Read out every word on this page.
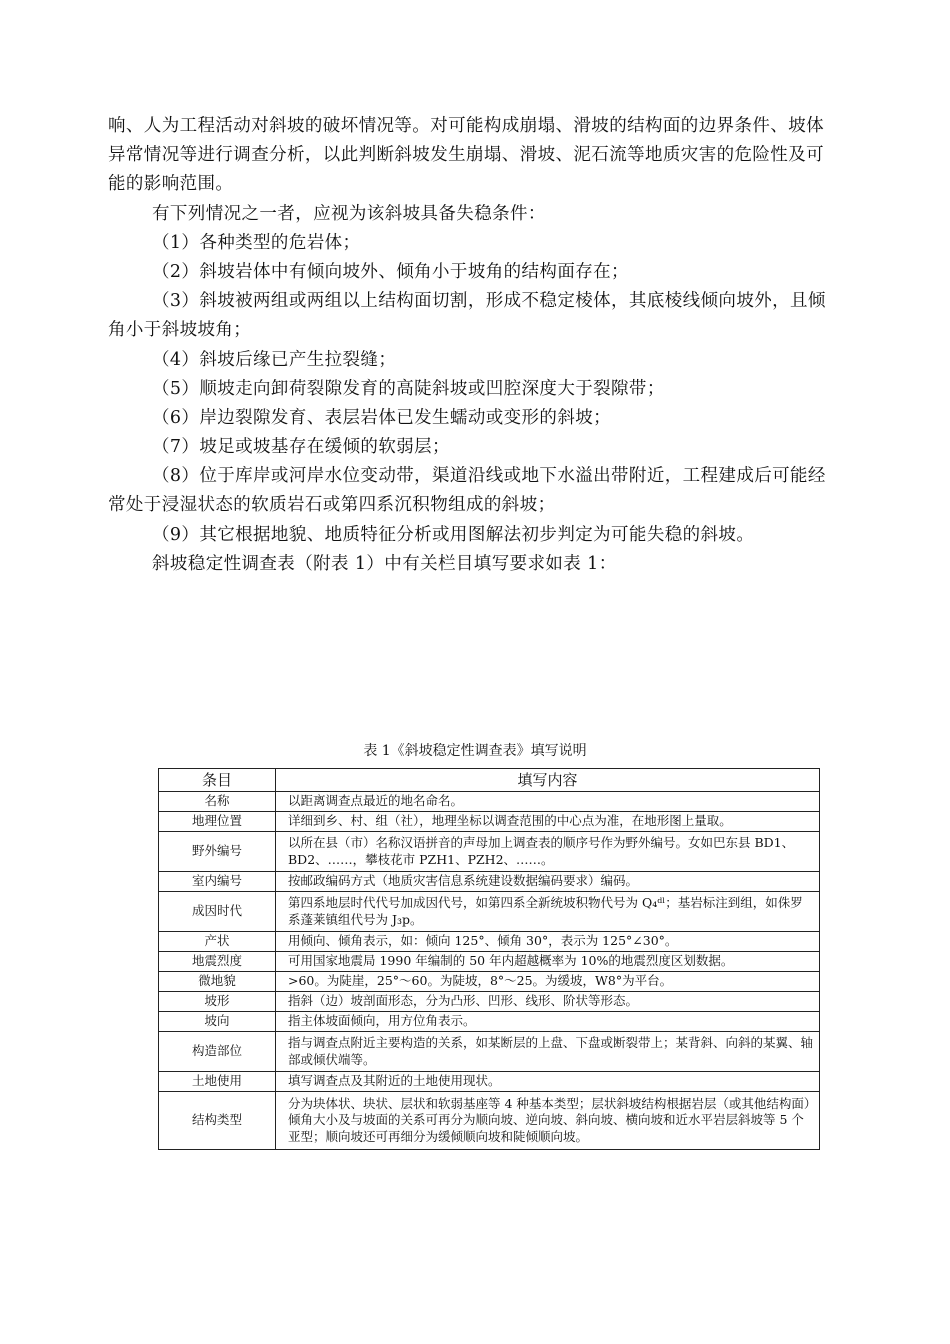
响、人为工程活动对斜坡的破坏情况等。对可能构成崩塌、滑坡的结构面的边界条件、坡体
异常情况等进行调查分析，以此判断斜坡发生崩塌、滑坡、泥石流等地质灾害的危险性及可
能的影响范围。
有下列情况之一者，应视为该斜坡具备失稳条件：
（1）各种类型的危岩体；
（2）斜坡岩体中有倾向坡外、倾角小于坡角的结构面存在；
（3）斜坡被两组或两组以上结构面切割，形成不稳定棱体，其底棱线倾向坡外，且倾
角小于斜坡坡角；
（4）斜坡后缘已产生拉裂缝；
（5）顺坡走向卸荷裂隙发育的高陡斜坡或凹腔深度大于裂隙带；
（6）岸边裂隙发育、表层岩体已发生蠕动或变形的斜坡；
（7）坡足或坡基存在缓倾的软弱层；
（8）位于库岸或河岸水位变动带，渠道沿线或地下水溢出带附近，工程建成后可能经
常处于浸湿状态的软质岩石或第四系沉积物组成的斜坡；
（9）其它根据地貌、地质特征分析或用图解法初步判定为可能失稳的斜坡。
斜坡稳定性调查表（附表 1）中有关栏目填写要求如表 1：
表 1《斜坡稳定性调查表》填写说明
条目	填写内容
名称	以距离调查点最近的地名命名。
地理位置	详细到乡、村、组（社），地理坐标以调查范围的中心点为准，在地形图上量取。
野外编号	以所在县（市）名称汉语拼音的声母加上调查表的顺序号作为野外编号。女如巴东县 BD1、BD2、……，攀枝花市 PZH1、PZH2、……。
室内编号	按邮政编码方式（地质灾害信息系统建设数据编码要求）编码。
成因时代	第四系地层时代代号加成因代号，如第四系全新统坡积物代号为 Q₄ᵈˡ；基岩标注到组，如侏罗系蓬莱镇组代号为 J₃p。
产状	用倾向、倾角表示，如：倾向 125°、倾角 30°，表示为 125°∠30°。
地震烈度	可用国家地震局 1990 年编制的 50 年内超越概率为 10%的地震烈度区划数据。
微地貌	>60。为陡崖，25°～60。为陡坡，8°～25。为缓坡，W8°为平台。
坡形	指斜（边）坡剖面形态，分为凸形、凹形、线形、阶状等形态。
坡向	指主体坡面倾向，用方位角表示。
构造部位	指与调查点附近主要构造的关系，如某断层的上盘、下盘或断裂带上；某背斜、向斜的某翼、轴部或倾伏端等。
土地使用	填写调查点及其附近的土地使用现状。
结构类型	分为块体状、块状、层状和软弱基座等 4 种基本类型；层状斜坡结构根据岩层（或其他结构面）倾角大小及与坡面的关系可再分为顺向坡、逆向坡、斜向坡、横向坡和近水平岩层斜坡等 5 个亚型；顺向坡还可再细分为缓倾顺向坡和陡倾顺向坡。
